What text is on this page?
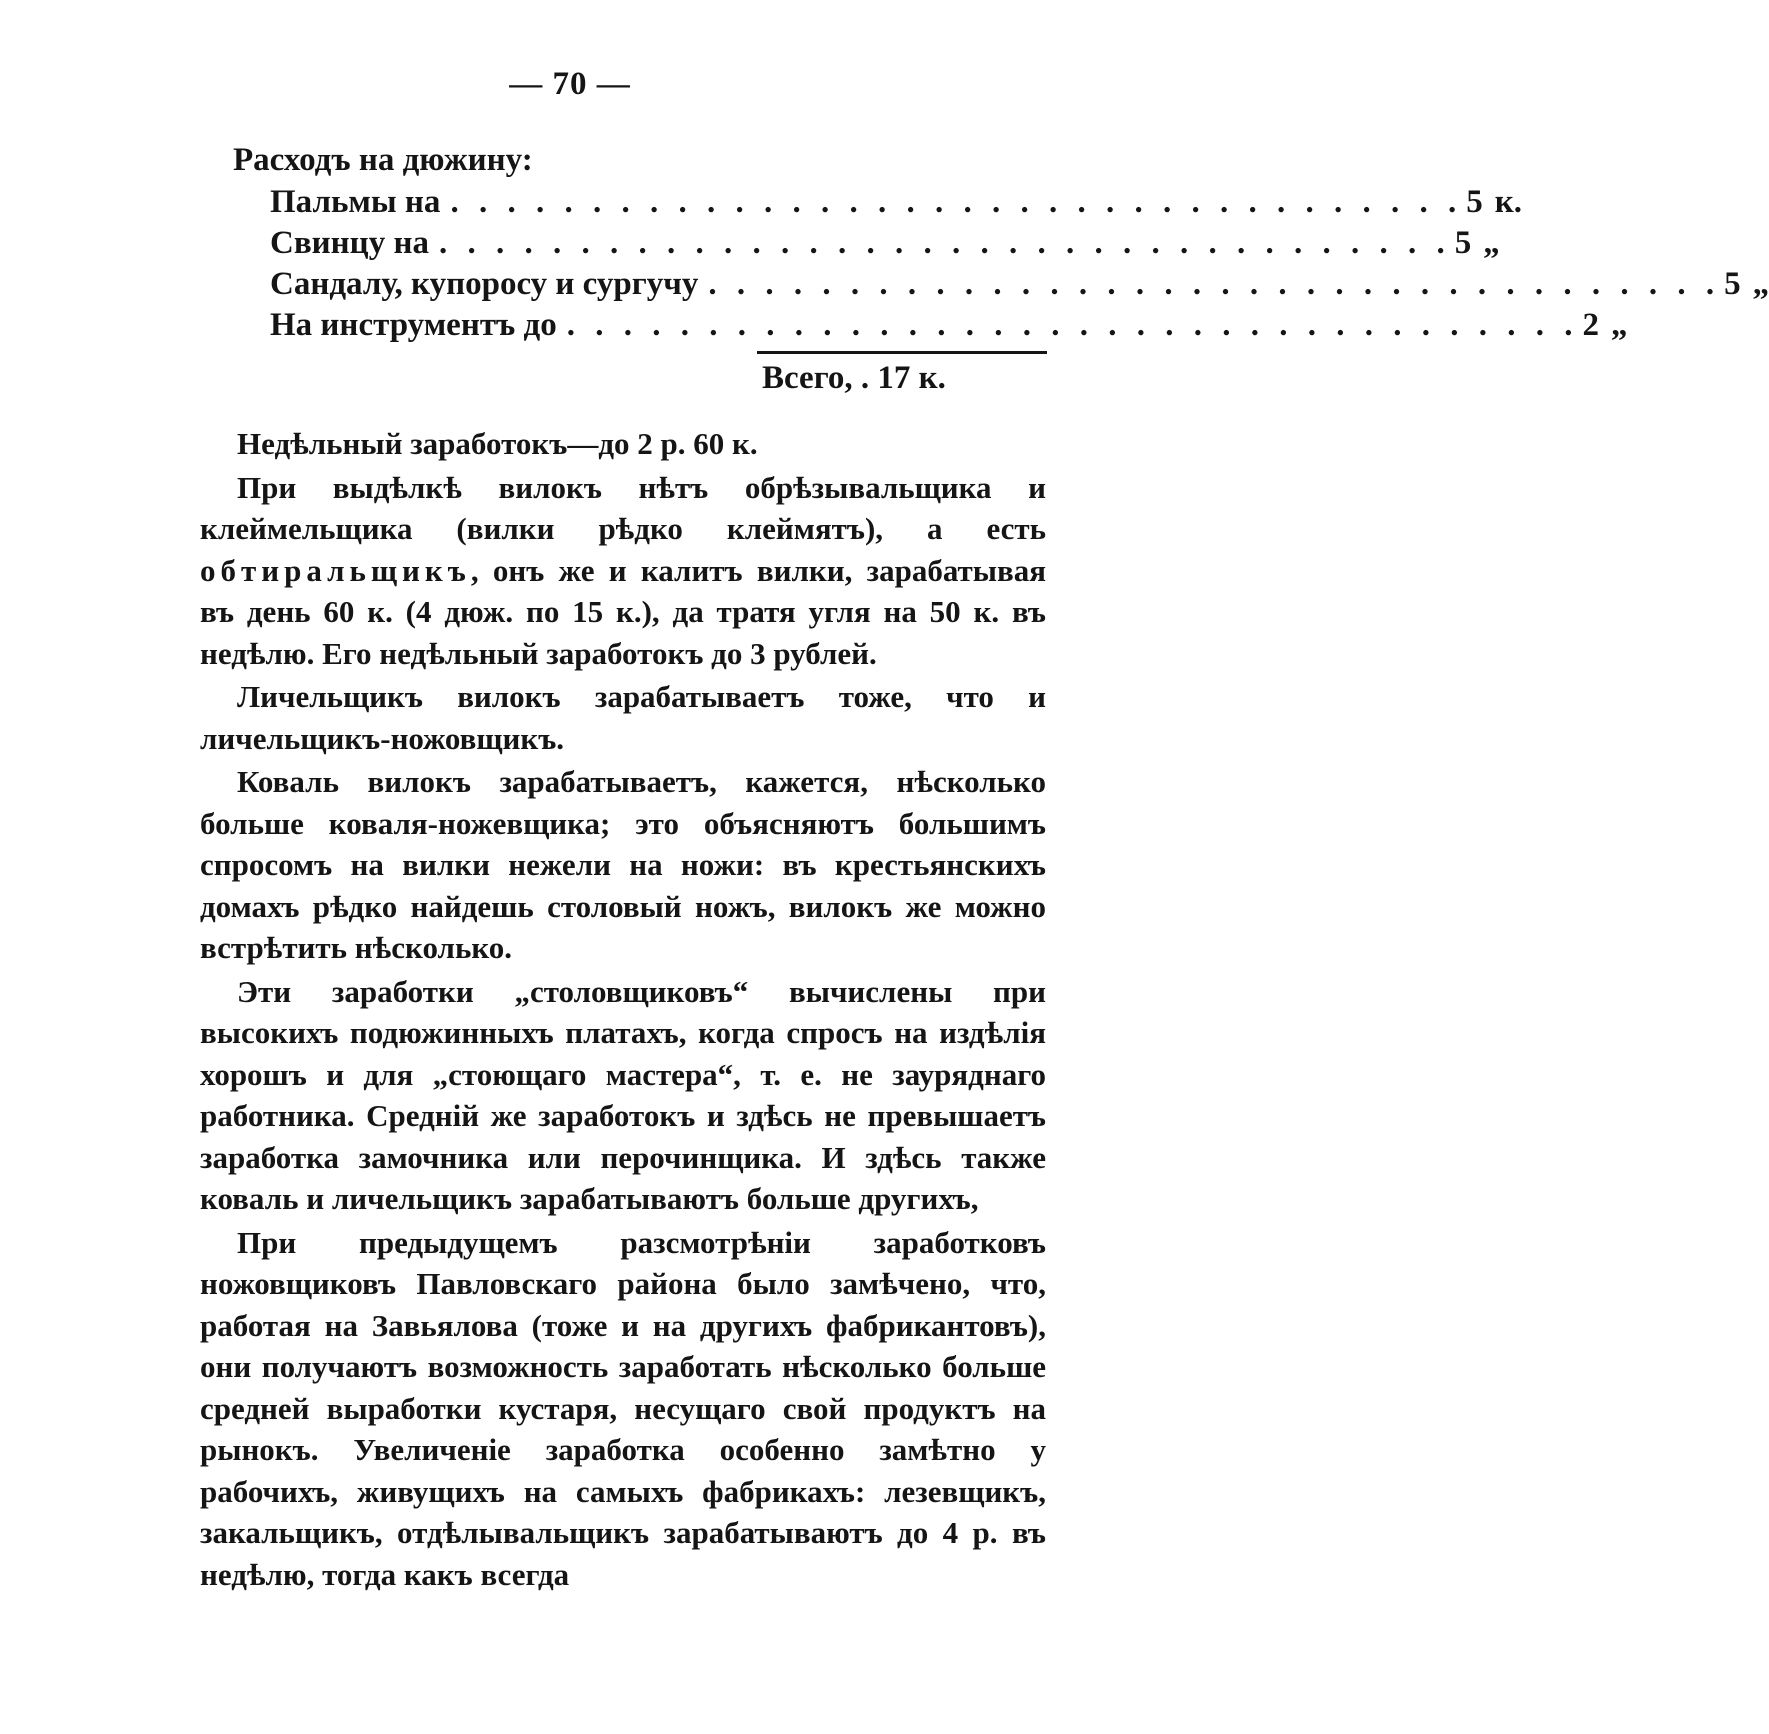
— 70 —
Расходъ на дюжину:
Пальмы на . . . . . . . . . . . . . . . . . . . . . . . . . . . . . . . . . . . . 5 к.
Свинцу на . . . . . . . . . . . . . . . . . . . . . . . . . . . . . . . . . . . . 5 „
Сандалу, купоросу и сургучу . . . . . . . . . . . . . . . . . . . . . . . . . . . . . . . . . . . . 5 „
На инструментъ до . . . . . . . . . . . . . . . . . . . . . . . . . . . . . . . . . . . . 2 „
Всего, . 17 к.

Недѣльный заработокъ—до 2 р. 60 к.

При выдѣлкѣ вилокъ нѣтъ обрѣзывальщика и клеймельщика (вилки рѣдко клеймятъ), а есть обтиральщикъ, онъ же и калитъ вилки, зарабатывая въ день 60 к. (4 дюж. по 15 к.), да тратя угля на 50 к. въ недѣлю. Его недѣльный заработокъ до 3 рублей.

Личельщикъ вилокъ зарабатываетъ тоже, что и личельщикъ-ножовщикъ.

Коваль вилокъ зарабатываетъ, кажется, нѣсколько больше коваля-ножевщика; это объясняютъ большимъ спросомъ на вилки нежели на ножи: въ крестьянскихъ домахъ рѣдко найдешь столовый ножъ, вилокъ же можно встрѣтить нѣсколько.

Эти заработки „столовщиковъ“ вычислены при высокихъ подюжинныхъ платахъ, когда спросъ на издѣлія хорошъ и для „стоющаго мастера“, т. е. не зауряднаго работника. Средній же заработокъ и здѣсь не превышаетъ заработка замочника или перочинщика. И здѣсь также коваль и личельщикъ зарабатываютъ больше другихъ,

При предыдущемъ разсмотрѣніи заработковъ ножовщиковъ Павловскаго района было замѣчено, что, работая на Завьялова (тоже и на другихъ фабрикантовъ), они получаютъ возможность заработать нѣсколько больше средней выработки кустаря, несущаго свой продуктъ на рынокъ. Увеличеніе заработка особенно замѣтно у рабочихъ, живущихъ на самыхъ фабрикахъ: лезевщикъ, закальщикъ, отдѣлывальщикъ зарабатываютъ до 4 р. въ недѣлю, тогда какъ всегда
